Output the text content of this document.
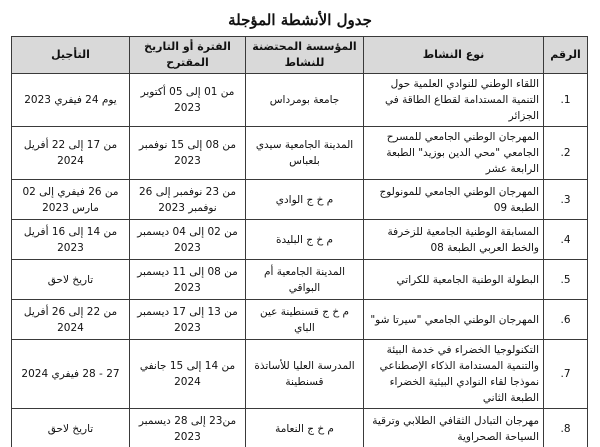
جدول الأنشطة المؤجلة
الرقم	نوع النشاط	المؤسسة المحتضنة للنشاط	الفترة أو التاريخ المقترح	التأجيل
1.	اللقاء الوطني للنوادي العلمية حول التنمية المستدامة لقطاع الطاقة في الجزائر	جامعة بومرداس	من 01 إلى 05 أكتوبر 2023	يوم 24 فيفري 2023
2.	المهرجان الوطني الجامعي للمسرح الجامعي "محي الدين بوزيد" الطبعة الرابعة عشر	المدينة الجامعية سيدي بلعباس	من 08 إلى 15 نوفمبر 2023	من 17 إلى 22 أفريل 2024
3.	المهرجان الوطني الجامعي للمونولوج الطبعة 09	م خ ج الوادي	من 23 نوفمبر إلى 26 نوفمبر 2023	من 26 فيفري إلى 02 مارس 2023
4.	المسابقة الوطنية الجامعية للزخرفة والخط العربي الطبعة 08	م خ ج البليدة	من 02 إلى 04 ديسمبر 2023	من 14 إلى 16 أفريل 2023
5.	البطولة الوطنية الجامعية للكراتي	المدينة الجامعية أم البواقي	من 08 إلى 11 ديسمبر 2023	تاريخ لاحق
6.	المهرجان الوطني الجامعي "سيرتا شو"	م خ ج قسنطينة عين الباي	من 13 إلى 17 ديسمبر 2023	من 22 إلى 26 أفريل 2024
7.	التكنولوجيا الخضراء في خدمة البيئة والتنمية المستدامة الذكاء الإصطناعي نموذجا لقاء النوادي البيئية الخضراء الطبعة الثاني	المدرسة العليا للأساتذة قسنطينة	من 14 إلى 15 جانفي 2024	27 - 28 فيفري 2024
8.	مهرجان التبادل الثقافي الطلابي وترقية السياحة الصحراوية	م خ ج النعامة	من23 إلى 28 ديسمبر 2023	تاريخ لاحق
